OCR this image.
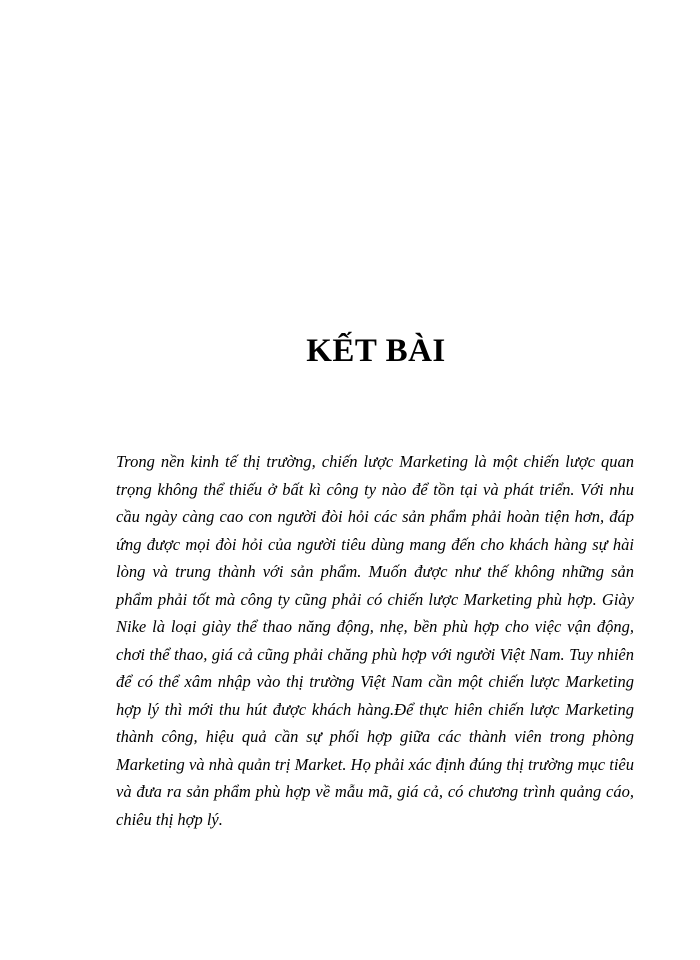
KẾT BÀI
Trong nền kinh tế thị trường, chiến lược Marketing là một chiến lược quan
trọng không thể thiếu ở bất kì công ty nào để tồn tại và phát triển. Với nhu
cầu ngày càng cao con người đòi hỏi các sản phẩm phải hoàn tiện hơn, đáp
ứng được mọi đòi hỏi của người tiêu dùng mang đến cho khách hàng sự hài
lòng và trung thành với sản phẩm. Muốn được như thế không những sản
phẩm phải tốt mà công ty cũng phải có chiến lược Marketing phù hợp. Giày
Nike là loại giày thể thao năng động, nhẹ, bền phù hợp cho việc vận động,
chơi thể thao, giá cả cũng phải chăng phù hợp với người Việt Nam. Tuy nhiên
để có thể xâm nhập vào thị trường Việt Nam cần một chiến lược Marketing
hợp lý thì mới thu hút được khách hàng.Để thực hiên chiến lược Marketing
thành công, hiệu quả cần sự phối hợp giữa các thành viên trong phòng
Marketing và nhà quản trị Market. Họ phải xác định đúng thị trường mục tiêu
và đưa ra sản phẩm phù hợp về mẫu mã, giá cả, có chương trình quảng cáo,
chiêu thị hợp lý.
